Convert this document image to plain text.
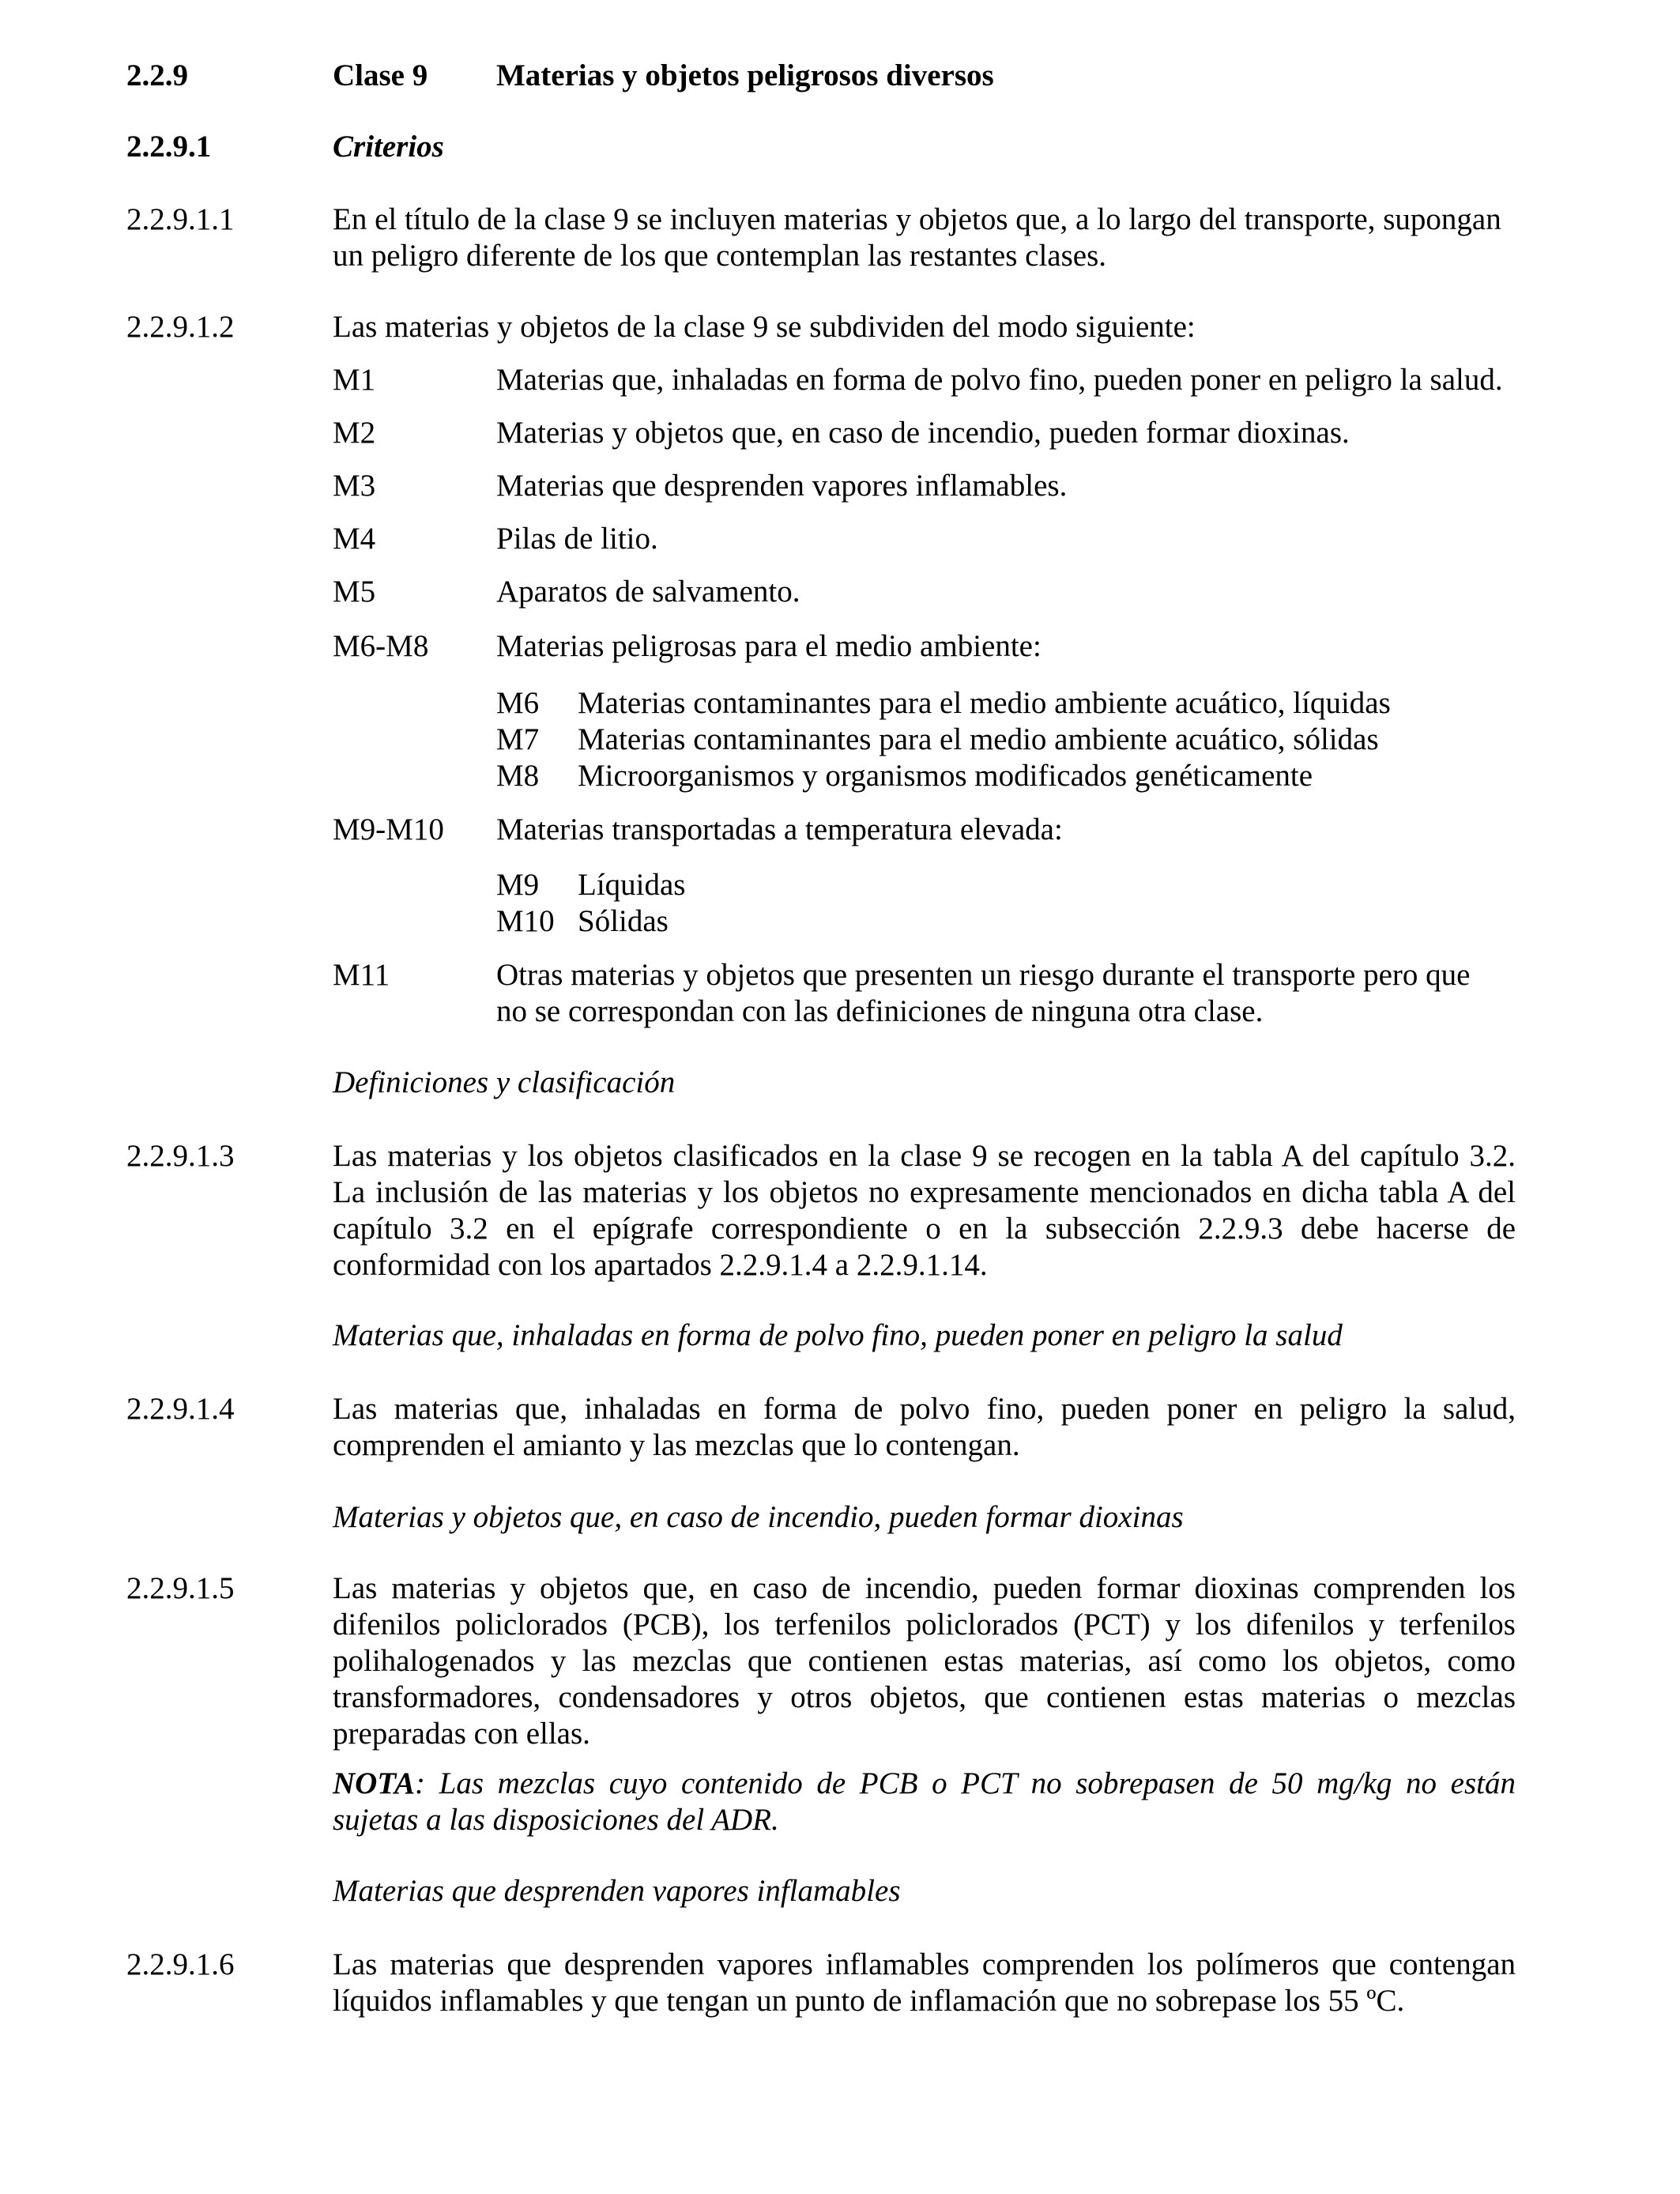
2.2.9	Clase 9 Materias y objetos peligrosos diversos
2.2.9.1	Criterios
2.2.9.1.1	En el título de la clase 9 se incluyen materias y objetos que, a lo largo del transporte, supongan
un peligro diferente de los que contemplan las restantes clases.
2.2.9.1.2	Las materias y objetos de la clase 9 se subdividen del modo siguiente:
M1	Materias que, inhaladas en forma de polvo fino, pueden poner en peligro la salud.
M2	Materias y objetos que, en caso de incendio, pueden formar dioxinas.
M3	Materias que desprenden vapores inflamables.
M4	Pilas de litio.
M5	Aparatos de salvamento.
M6-M8 Materias peligrosas para el medio ambiente:
M6 Materias contaminantes para el medio ambiente acuático, líquidas
M7 Materias contaminantes para el medio ambiente acuático, sólidas
M8 Microorganismos y organismos modificados genéticamente
M9-M10 Materias transportadas a temperatura elevada:
M9 Líquidas
M10 Sólidas
M11	Otras materias y objetos que presenten un riesgo durante el transporte pero que
no se correspondan con las definiciones de ninguna otra clase.
Definiciones y clasificación
2.2.9.1.3	Las materias y los objetos clasificados en la clase 9 se recogen en la tabla A del capítulo 3.2.
La inclusión de las materias y los objetos no expresamente mencionados en dicha tabla A del
capítulo 3.2 en el epígrafe correspondiente o en la subsección 2.2.9.3 debe hacerse de
conformidad con los apartados 2.2.9.1.4 a 2.2.9.1.14.
Materias que, inhaladas en forma de polvo fino, pueden poner en peligro la salud
2.2.9.1.4	Las materias que, inhaladas en forma de polvo fino, pueden poner en peligro la salud,
comprenden el amianto y las mezclas que lo contengan.
Materias y objetos que, en caso de incendio, pueden formar dioxinas
2.2.9.1.5	Las materias y objetos que, en caso de incendio, pueden formar dioxinas comprenden los
difenilos policlorados (PCB), los terfenilos policlorados (PCT) y los difenilos y terfenilos
polihalogenados y las mezclas que contienen estas materias, así como los objetos, como
transformadores, condensadores y otros objetos, que contienen estas materias o mezclas
preparadas con ellas.
NOTA: Las mezclas cuyo contenido de PCB o PCT no sobrepasen de 50 mg/kg no están
sujetas a las disposiciones del ADR.
Materias que desprenden vapores inflamables
2.2.9.1.6	Las materias que desprenden vapores inflamables comprenden los polímeros que contengan
líquidos inflamables y que tengan un punto de inflamación que no sobrepase los 55 ºC.
